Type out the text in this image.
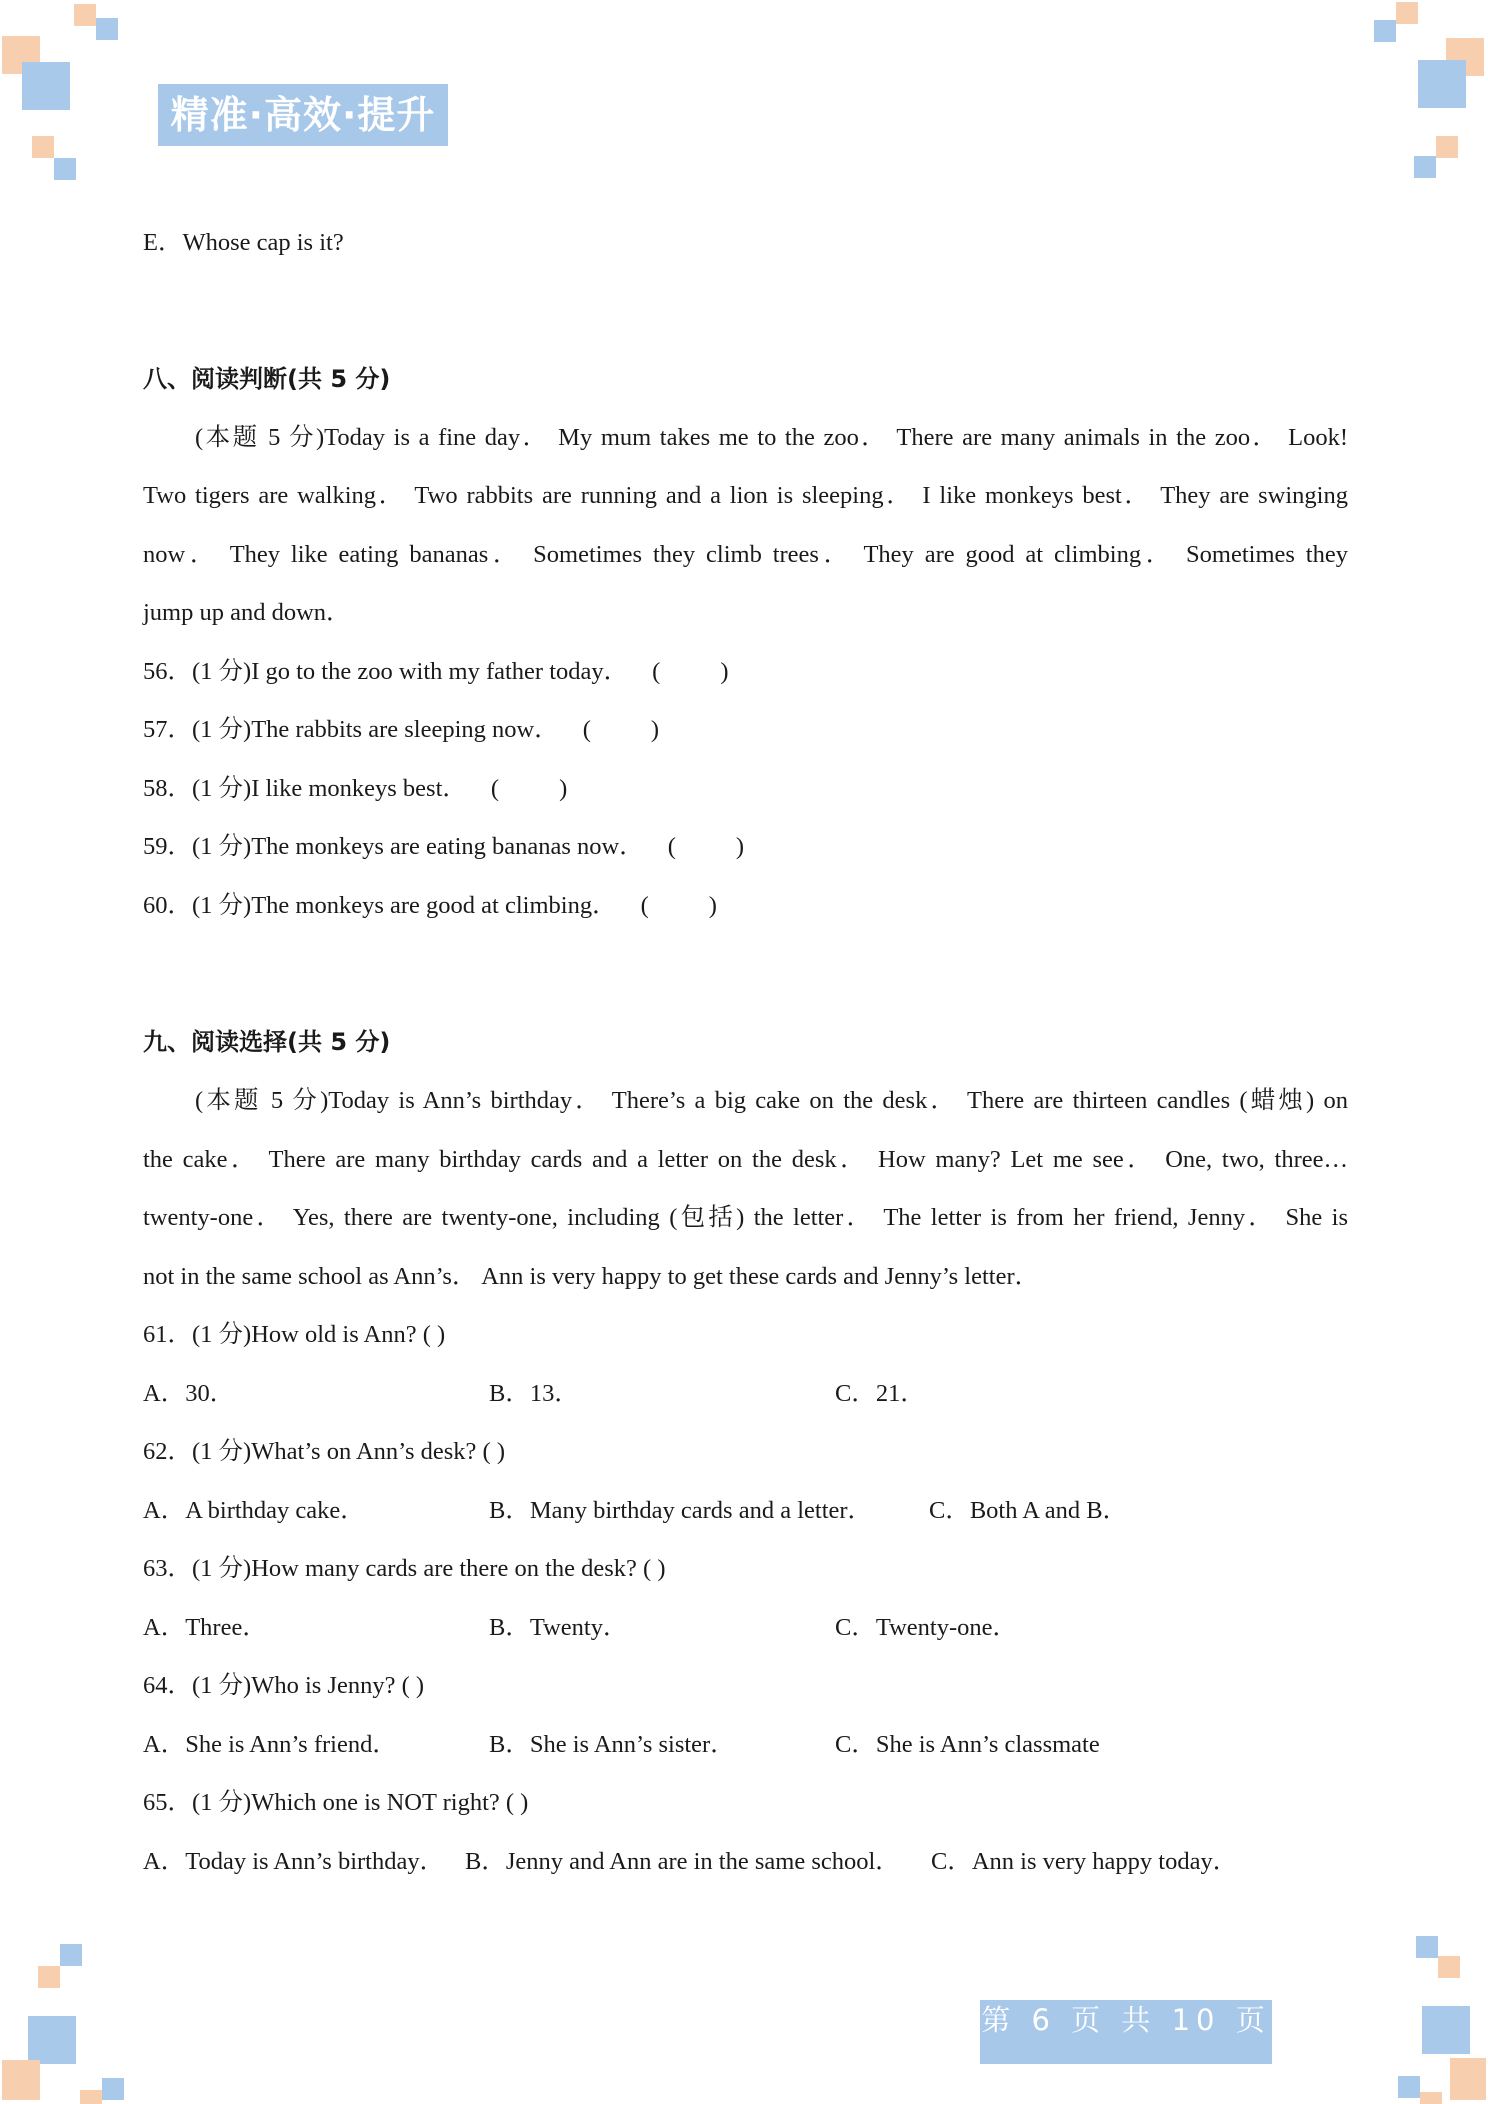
精准·高效·提升
E．Whose cap is it?
八、阅读判断(共 5 分)
(本题 5 分)Today is a fine day． My mum takes me to the zoo． There are many animals in the zoo． Look!
Two tigers are walking． Two rabbits are running and a lion is sleeping． I like monkeys best． They are swinging
now． They like eating bananas． Sometimes they climb trees． They are good at climbing． Sometimes they
jump up and down．
56．(1 分)I go to the zoo with my father today． ( )
57．(1 分)The rabbits are sleeping now． ( )
58．(1 分)I like monkeys best． ( )
59．(1 分)The monkeys are eating bananas now． ( )
60．(1 分)The monkeys are good at climbing． ( )
九、阅读选择(共 5 分)
(本题 5 分)Today is Ann’s birthday． There’s a big cake on the desk． There are thirteen candles (蜡烛) on
the cake． There are many birthday cards and a letter on the desk． How many? Let me see． One, two, three…
twenty-one． Yes, there are twenty-one, including (包括) the letter． The letter is from her friend, Jenny． She is
not in the same school as Ann’s． Ann is very happy to get these cards and Jenny’s letter．
61．(1 分)How old is Ann? ( )
A．30．	B．13．	C．21．
62．(1 分)What’s on Ann’s desk? ( )
A．A birthday cake．	B．Many birthday cards and a letter． C．Both A and B．
63．(1 分)How many cards are there on the desk? ( )
A．Three．	B．Twenty．	C．Twenty-one．
64．(1 分)Who is Jenny? ( )
A．She is Ann’s friend．	B．She is Ann’s sister．	C．She is Ann’s classmate
65．(1 分)Which one is NOT right? ( )
A．Today is Ann’s birthday． B．Jenny and Ann are in the same school． C．Ann is very happy today．
第 6 页 共 10 页
